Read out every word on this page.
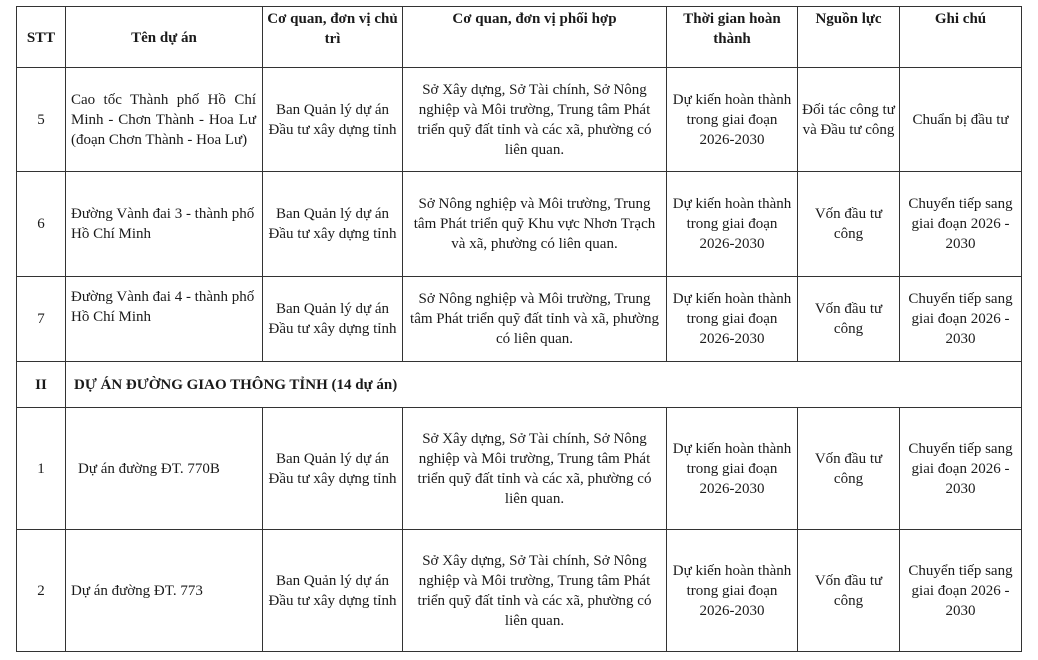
STT	Tên dự án	Cơ quan, đơn vị chủ trì	Cơ quan, đơn vị phối hợp	Thời gian hoàn thành	Nguồn lực	Ghi chú
5	Cao tốc Thành phố Hồ Chí Minh - Chơn Thành - Hoa Lư (đoạn Chơn Thành - Hoa Lư)	Ban Quản lý dự án Đầu tư xây dựng tỉnh	Sở Xây dựng, Sở Tài chính, Sở Nông nghiệp và Môi trường, Trung tâm Phát triển quỹ đất tỉnh và các xã, phường có liên quan.	Dự kiến hoàn thành trong giai đoạn 2026-2030	Đối tác công tư và Đầu tư công	Chuẩn bị đầu tư
6	Đường Vành đai 3 - thành phố Hồ Chí Minh	Ban Quản lý dự án Đầu tư xây dựng tỉnh	Sở Nông nghiệp và Môi trường, Trung tâm Phát triển quỹ Khu vực Nhơn Trạch và xã, phường có liên quan.	Dự kiến hoàn thành trong giai đoạn 2026-2030	Vốn đầu tư công	Chuyển tiếp sang giai đoạn 2026 - 2030
7	Đường Vành đai 4 - thành phố Hồ Chí Minh	Ban Quản lý dự án Đầu tư xây dựng tỉnh	Sở Nông nghiệp và Môi trường, Trung tâm Phát triển quỹ đất tỉnh và xã, phường có liên quan.	Dự kiến hoàn thành trong giai đoạn 2026-2030	Vốn đầu tư công	Chuyển tiếp sang giai đoạn 2026 - 2030
II	DỰ ÁN ĐƯỜNG GIAO THÔNG TỈNH (14 dự án)					
1	Dự án đường ĐT. 770B	Ban Quản lý dự án Đầu tư xây dựng tỉnh	Sở Xây dựng, Sở Tài chính, Sở Nông nghiệp và Môi trường, Trung tâm Phát triển quỹ đất tỉnh và các xã, phường có liên quan.	Dự kiến hoàn thành trong giai đoạn 2026-2030	Vốn đầu tư công	Chuyển tiếp sang giai đoạn 2026 - 2030
2	Dự án đường ĐT. 773	Ban Quản lý dự án Đầu tư xây dựng tỉnh	Sở Xây dựng, Sở Tài chính, Sở Nông nghiệp và Môi trường, Trung tâm Phát triển quỹ đất tỉnh và các xã, phường có liên quan.	Dự kiến hoàn thành trong giai đoạn 2026-2030	Vốn đầu tư công	Chuyển tiếp sang giai đoạn 2026 - 2030
